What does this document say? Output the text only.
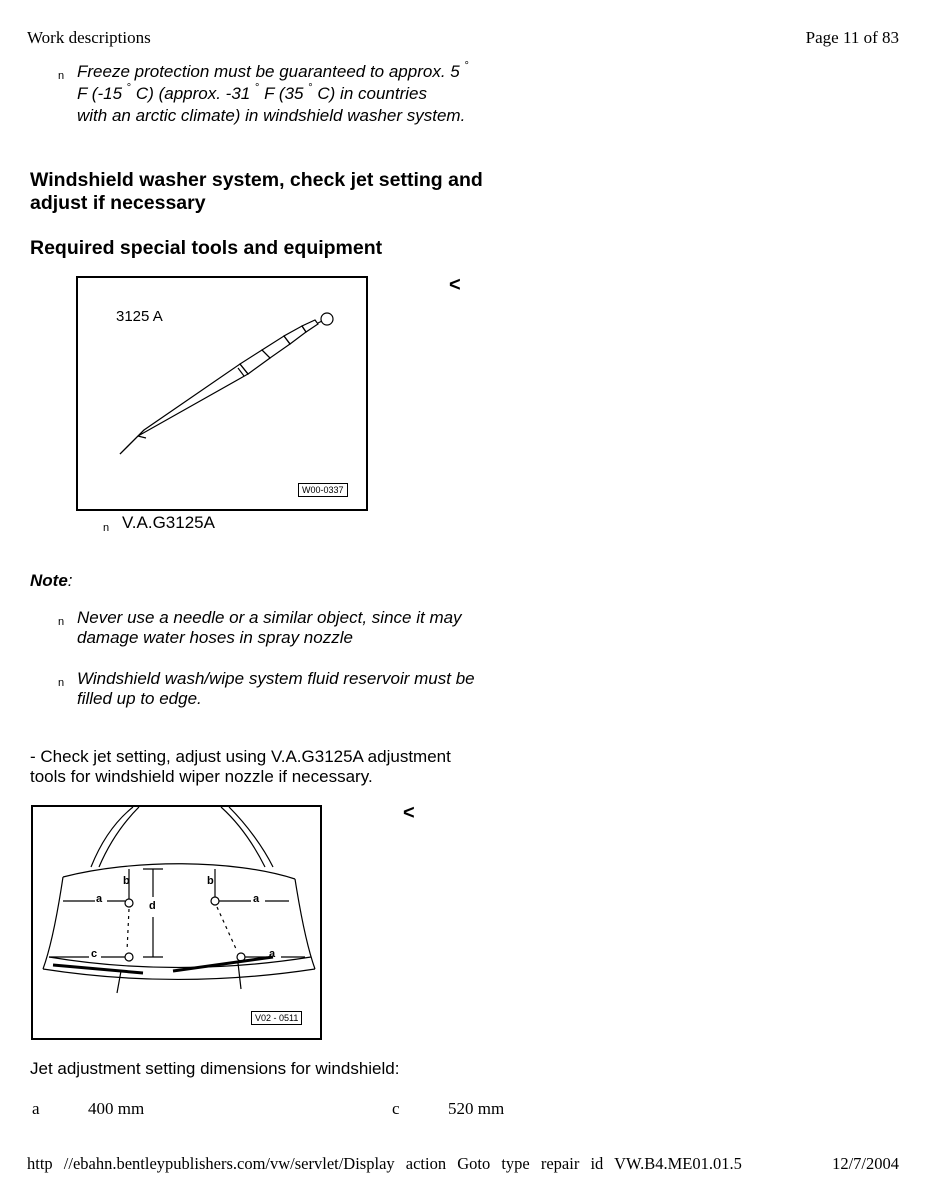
Work descriptions	Page 11 of 83
n Freeze protection must be guaranteed to approx. 5 °
F (-15 ° C) (approx. -31 ° F (35 ° C) in countries
with an arctic climate) in windshield washer system.
Windshield washer system, check jet setting and
adjust if necessary
Required special tools and equipment
3125 A
W00-0337
<
n V.A.G3125A
Note:
n Never use a needle or a similar object, since it may
damage water hoses in spray nozzle
n Windshield wash/wipe system fluid reservoir must be
filled up to edge.
- Check jet setting, adjust using V.A.G3125A adjustment
tools for windshield wiper nozzle if necessary.
a	a
a
b	b
c
d
V02 - 0511
<
Jet adjustment setting dimensions for windshield:
a	400 mm	c	520 mm
http //ebahn.bentleypublishers.com/vw/servlet/Display action Goto type repair id VW.B4.ME01.01.5	12/7/2004
